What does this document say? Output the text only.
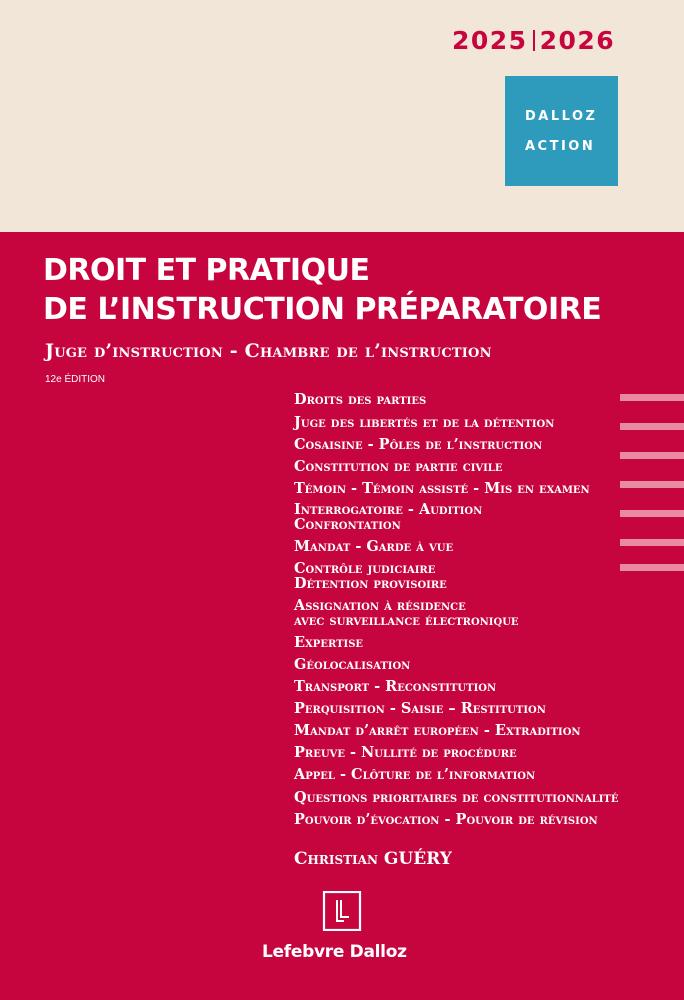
2025 2026
DALLOZ
ACTION
DROIT ET PRATIQUE
DE L’INSTRUCTION PRÉPARATOIRE
Juge d’instruction - Chambre de l’instruction
12e ÉDITION
Droits des parties
Juge des libertés et de la détention
Cosaisine - Pôles de l’instruction
Constitution de partie civile
Témoin - Témoin assisté - Mis en examen
Interrogatoire - Audition
Confrontation
Mandat - Garde à vue
Contrôle judiciaire
Détention provisoire
Assignation à résidence
avec surveillance électronique
Expertise
Géolocalisation
Transport - Reconstitution
Perquisition - Saisie – Restitution
Mandat d’arrêt européen - Extradition
Preuve - Nullité de procédure
Appel - Clôture de l’information
Questions prioritaires de constitutionnalité
Pouvoir d’évocation - Pouvoir de révision
Christian GUÉRY
Lefebvre Dalloz
